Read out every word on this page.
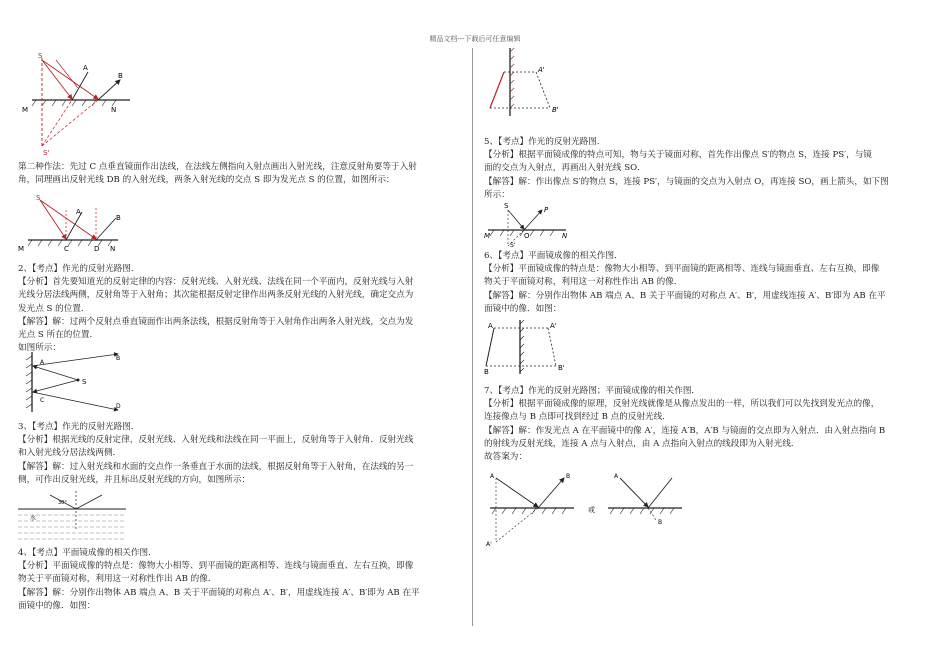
精品文档---下载后可任意编辑
S
A
B
M	N
S'
第二种作法：先过 C 点垂直镜面作出法线，在法线左侧指向入射点画出入射光线，注意反射角要等于入射
角，同理画出反射光线 DB 的入射光线，两条入射光线的交点 S 即为发光点 S 的位置，如图所示：
S
A
B
C	D
M	N
2、【考点】作光的反射光路图．
【分析】首先要知道光的反射定律的内容：反射光线、入射光线、法线在同一个平面内，反射光线与入射
光线分居法线两侧，反射角等于入射角；其次能根据反射定律作出两条反射光线的入射光线，确定交点为
发光点 S 的位置．
【解答】解：过两个反射点垂直镜面作出两条法线，根据反射角等于入射角作出两条入射光线，交点为发
光点 S 所在的位置．
如图所示：
A
B
C
D
S
3、【考点】作光的反射光路图．
【分析】根据光线的反射定律，反射光线、入射光线和法线在同一平面上，反射角等于入射角．反射光线
和入射光线分居法线两侧．
【解答】解：过入射光线和水面的交点作一条垂直于水面的法线，根据反射角等于入射角，在法线的另一
侧，可作出反射光线，并且标出反射光线的方向，如图所示：
30°
水
4、【考点】平面镜成像的相关作图．
【分析】平面镜成像的特点是：像物大小相等、到平面镜的距离相等、连线与镜面垂直、左右互换，即像
物关于平面镜对称，利用这一对称性作出 AB 的像．
【解答】解：分别作出物体 AB 端点 A、B 关于平面镜的对称点 A′、B′，用虚线连接 A′、B′即为 AB 在平
面镜中的像．如图：
A'
B'
5、【考点】作光的反射光路图．
【分析】根据平面镜成像的特点可知，物与关于镜面对称，首先作出像点 S′的物点 S，连接 PS′，与镜
面的交点为入射点，再画出入射光线 SO．
【解答】解：作出像点 S′的物点 S，连接 PS′，与镜面的交点为入射点 O，再连接 SO，画上箭头，如下图
所示：
S	P
M	N
O
S'
6、【考点】平面镜成像的相关作图．
【分析】平面镜成像的特点是：像物大小相等、到平面镜的距离相等、连线与镜面垂直、左右互换，即像
物关于平面镜对称，利用这一对称性作出 AB 的像．
【解答】解：分别作出物体 AB 端点 A、B 关于平面镜的对称点 A′、B′，用虚线连接 A′、B′即为 AB 在平
面镜中的像．如图：
A	A'
B	B'
7、【考点】作光的反射光路图；平面镜成像的相关作图．
【分析】根据平面镜成像的原理，反射光线就像是从像点发出的一样，所以我们可以先找到发光点的像，
连接像点与 B 点即可找到经过 B 点的反射光线．
【解答】解：作发光点 A 在平面镜中的像 A′，连接 A′B，A′B 与镜面的交点即为入射点．由入射点指向 B
的射线为反射光线，连接 A 点与入射点，由 A 点指向入射点的线段即为入射光线．
故答案为：
A	B
A'
或
A
B
